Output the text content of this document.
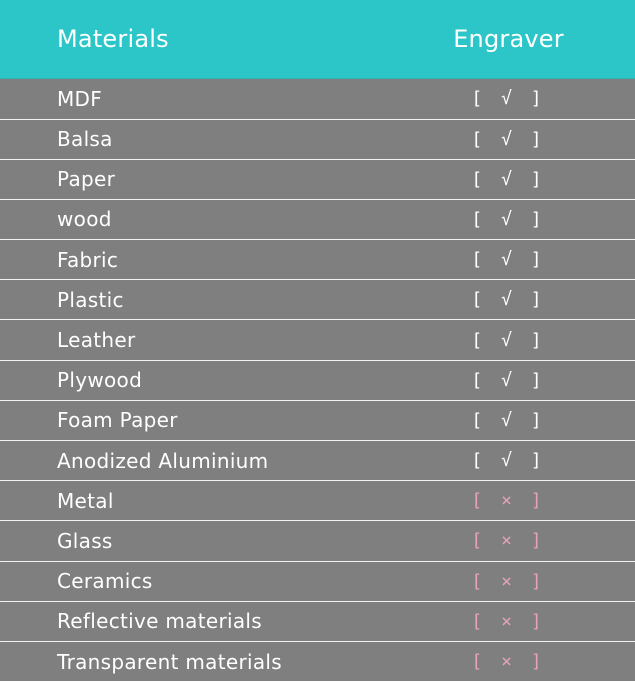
Materials	Engraver
MDF	[ √ ]
Balsa	[ √ ]
Paper	[ √ ]
wood	[ √ ]
Fabric	[ √ ]
Plastic	[ √ ]
Leather	[ √ ]
Plywood	[ √ ]
Foam Paper	[ √ ]
Anodized Aluminium	[ √ ]
Metal	[ × ]
Glass	[ × ]
Ceramics	[ × ]
Reflective materials	[ × ]
Transparent materials	[ × ]
